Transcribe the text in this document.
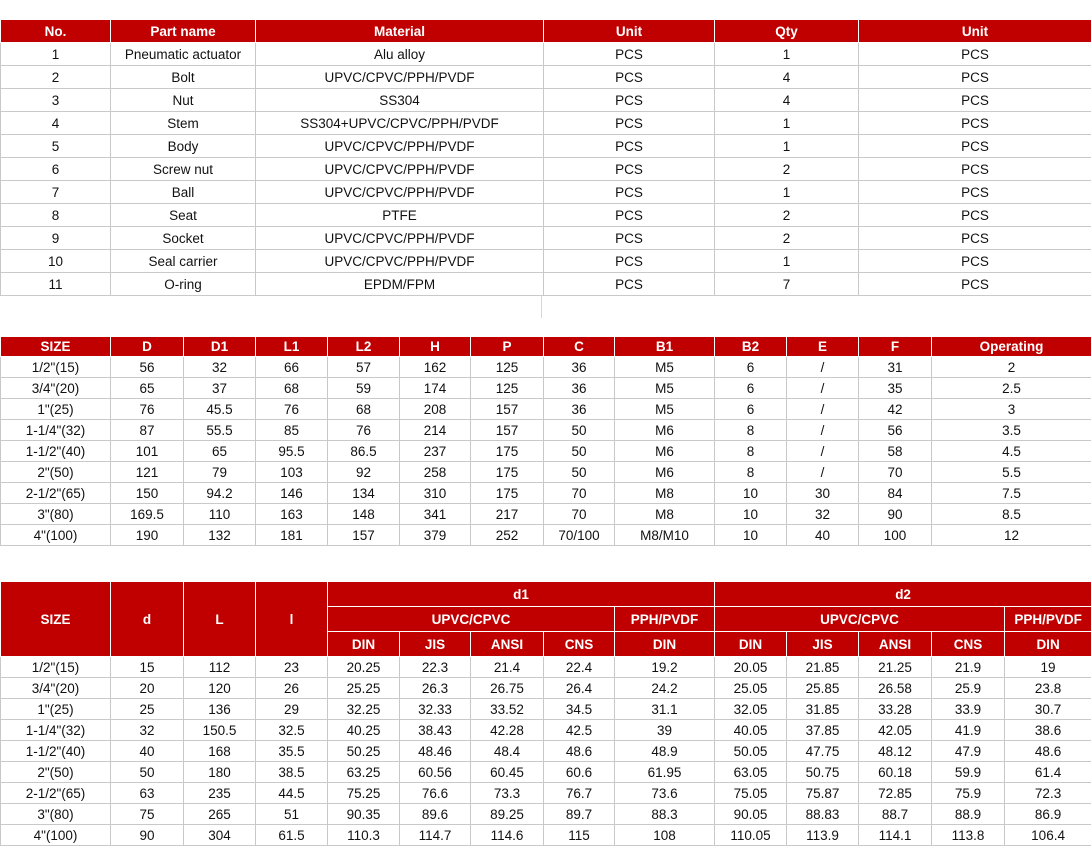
No.	Part name	Material	Unit	Qty	Unit
1	Pneumatic actuator	Alu alloy	PCS	1	PCS
2	Bolt	UPVC/CPVC/PPH/PVDF	PCS	4	PCS
3	Nut	SS304	PCS	4	PCS
4	Stem	SS304+UPVC/CPVC/PPH/PVDF	PCS	1	PCS
5	Body	UPVC/CPVC/PPH/PVDF	PCS	1	PCS
6	Screw nut	UPVC/CPVC/PPH/PVDF	PCS	2	PCS
7	Ball	UPVC/CPVC/PPH/PVDF	PCS	1	PCS
8	Seat	PTFE	PCS	2	PCS
9	Socket	UPVC/CPVC/PPH/PVDF	PCS	2	PCS
10	Seal carrier	UPVC/CPVC/PPH/PVDF	PCS	1	PCS
11	O-ring	EPDM/FPM	PCS	7	PCS
SIZE	D	D1	L1	L2	H	P	C	B1	B2	E	F	Operating
1/2"(15)	56	32	66	57	162	125	36	M5	6	/	31	2
3/4"(20)	65	37	68	59	174	125	36	M5	6	/	35	2.5
1"(25)	76	45.5	76	68	208	157	36	M5	6	/	42	3
1-1/4"(32)	87	55.5	85	76	214	157	50	M6	8	/	56	3.5
1-1/2"(40)	101	65	95.5	86.5	237	175	50	M6	8	/	58	4.5
2"(50)	121	79	103	92	258	175	50	M6	8	/	70	5.5
2-1/2"(65)	150	94.2	146	134	310	175	70	M8	10	30	84	7.5
3"(80)	169.5	110	163	148	341	217	70	M8	10	32	90	8.5
4"(100)	190	132	181	157	379	252	70/100	M8/M10	10	40	100	12
SIZE	d	L	l	d1					d2				
				UPVC/CPVC				PPH/PVDF	UPVC/CPVC				PPH/PVDF
				DIN	JIS	ANSI	CNS	DIN	DIN	JIS	ANSI	CNS	DIN
1/2"(15)	15	112	23	20.25	22.3	21.4	22.4	19.2	20.05	21.85	21.25	21.9	19
3/4"(20)	20	120	26	25.25	26.3	26.75	26.4	24.2	25.05	25.85	26.58	25.9	23.8
1"(25)	25	136	29	32.25	32.33	33.52	34.5	31.1	32.05	31.85	33.28	33.9	30.7
1-1/4"(32)	32	150.5	32.5	40.25	38.43	42.28	42.5	39	40.05	37.85	42.05	41.9	38.6
1-1/2"(40)	40	168	35.5	50.25	48.46	48.4	48.6	48.9	50.05	47.75	48.12	47.9	48.6
2"(50)	50	180	38.5	63.25	60.56	60.45	60.6	61.95	63.05	50.75	60.18	59.9	61.4
2-1/2"(65)	63	235	44.5	75.25	76.6	73.3	76.7	73.6	75.05	75.87	72.85	75.9	72.3
3"(80)	75	265	51	90.35	89.6	89.25	89.7	88.3	90.05	88.83	88.7	88.9	86.9
4"(100)	90	304	61.5	110.3	114.7	114.6	115	108	110.05	113.9	114.1	113.8	106.4
